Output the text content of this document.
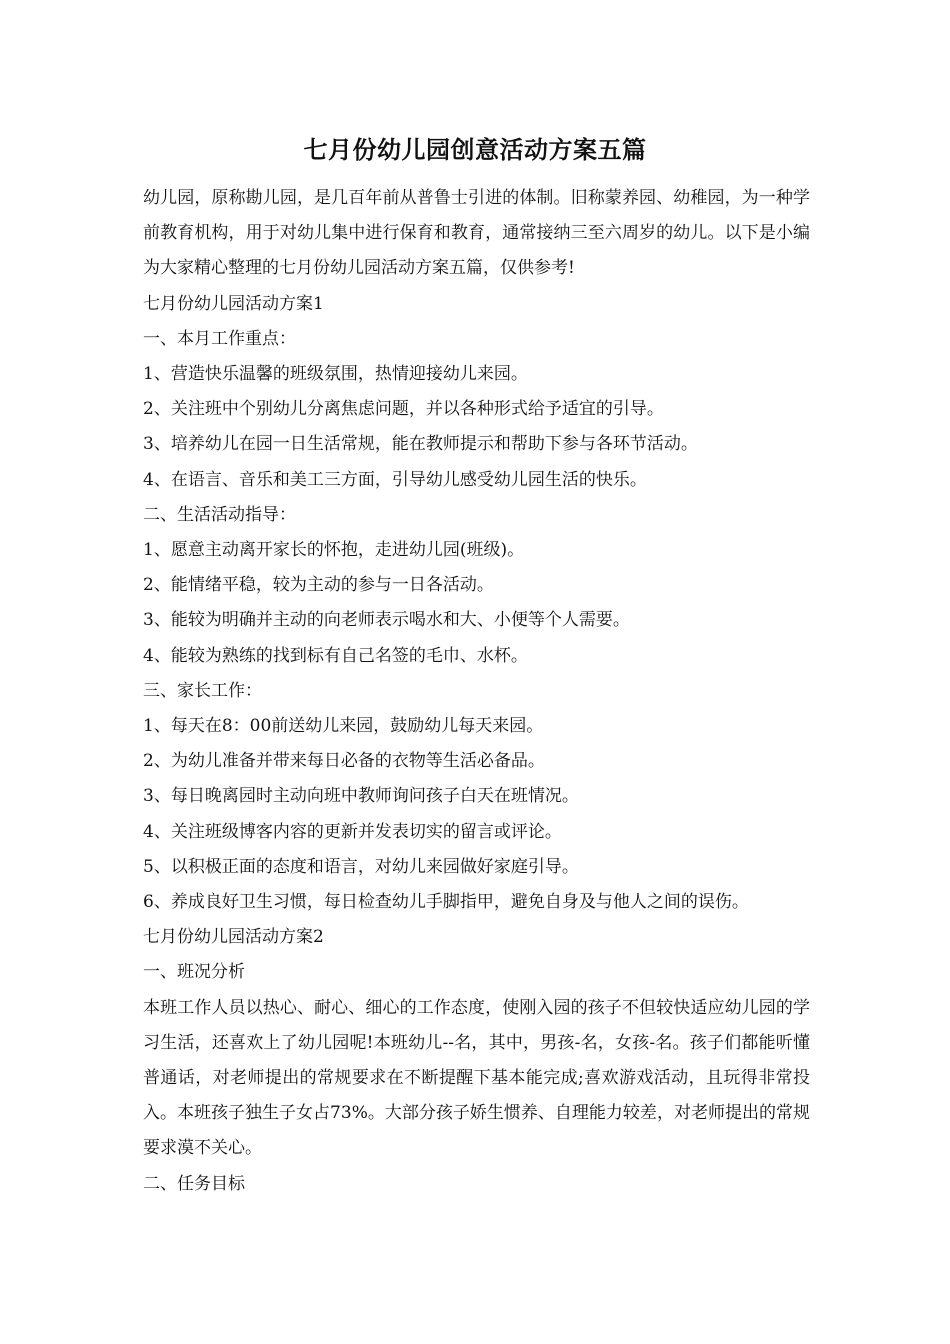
七月份幼儿园创意活动方案五篇

幼儿园，原称勘儿园，是几百年前从普鲁士引进的体制。旧称蒙养园、幼稚园，为一种学前教育机构，用于对幼儿集中进行保育和教育，通常接纳三至六周岁的幼儿。以下是小编为大家精心整理的七月份幼儿园活动方案五篇，仅供参考!

七月份幼儿园活动方案1

一、本月工作重点：

1、营造快乐温馨的班级氛围，热情迎接幼儿来园。

2、关注班中个别幼儿分离焦虑问题，并以各种形式给予适宜的引导。

3、培养幼儿在园一日生活常规，能在教师提示和帮助下参与各环节活动。

4、在语言、音乐和美工三方面，引导幼儿感受幼儿园生活的快乐。

二、生活活动指导：

1、愿意主动离开家长的怀抱，走进幼儿园(班级)。

2、能情绪平稳，较为主动的参与一日各活动。

3、能较为明确并主动的向老师表示喝水和大、小便等个人需要。

4、能较为熟练的找到标有自己名签的毛巾、水杯。

三、家长工作：

1、每天在8：00前送幼儿来园，鼓励幼儿每天来园。

2、为幼儿准备并带来每日必备的衣物等生活必备品。

3、每日晚离园时主动向班中教师询问孩子白天在班情况。

4、关注班级博客内容的更新并发表切实的留言或评论。

5、以积极正面的态度和语言，对幼儿来园做好家庭引导。

6、养成良好卫生习惯，每日检查幼儿手脚指甲，避免自身及与他人之间的误伤。

七月份幼儿园活动方案2

一、班况分析

本班工作人员以热心、耐心、细心的工作态度，使刚入园的孩子不但较快适应幼儿园的学习生活，还喜欢上了幼儿园呢!本班幼儿--名，其中，男孩-名，女孩-名。孩子们都能听懂普通话，对老师提出的常规要求在不断提醒下基本能完成;喜欢游戏活动，且玩得非常投入。本班孩子独生子女占73%。大部分孩子娇生惯养、自理能力较差，对老师提出的常规要求漠不关心。

二、任务目标
